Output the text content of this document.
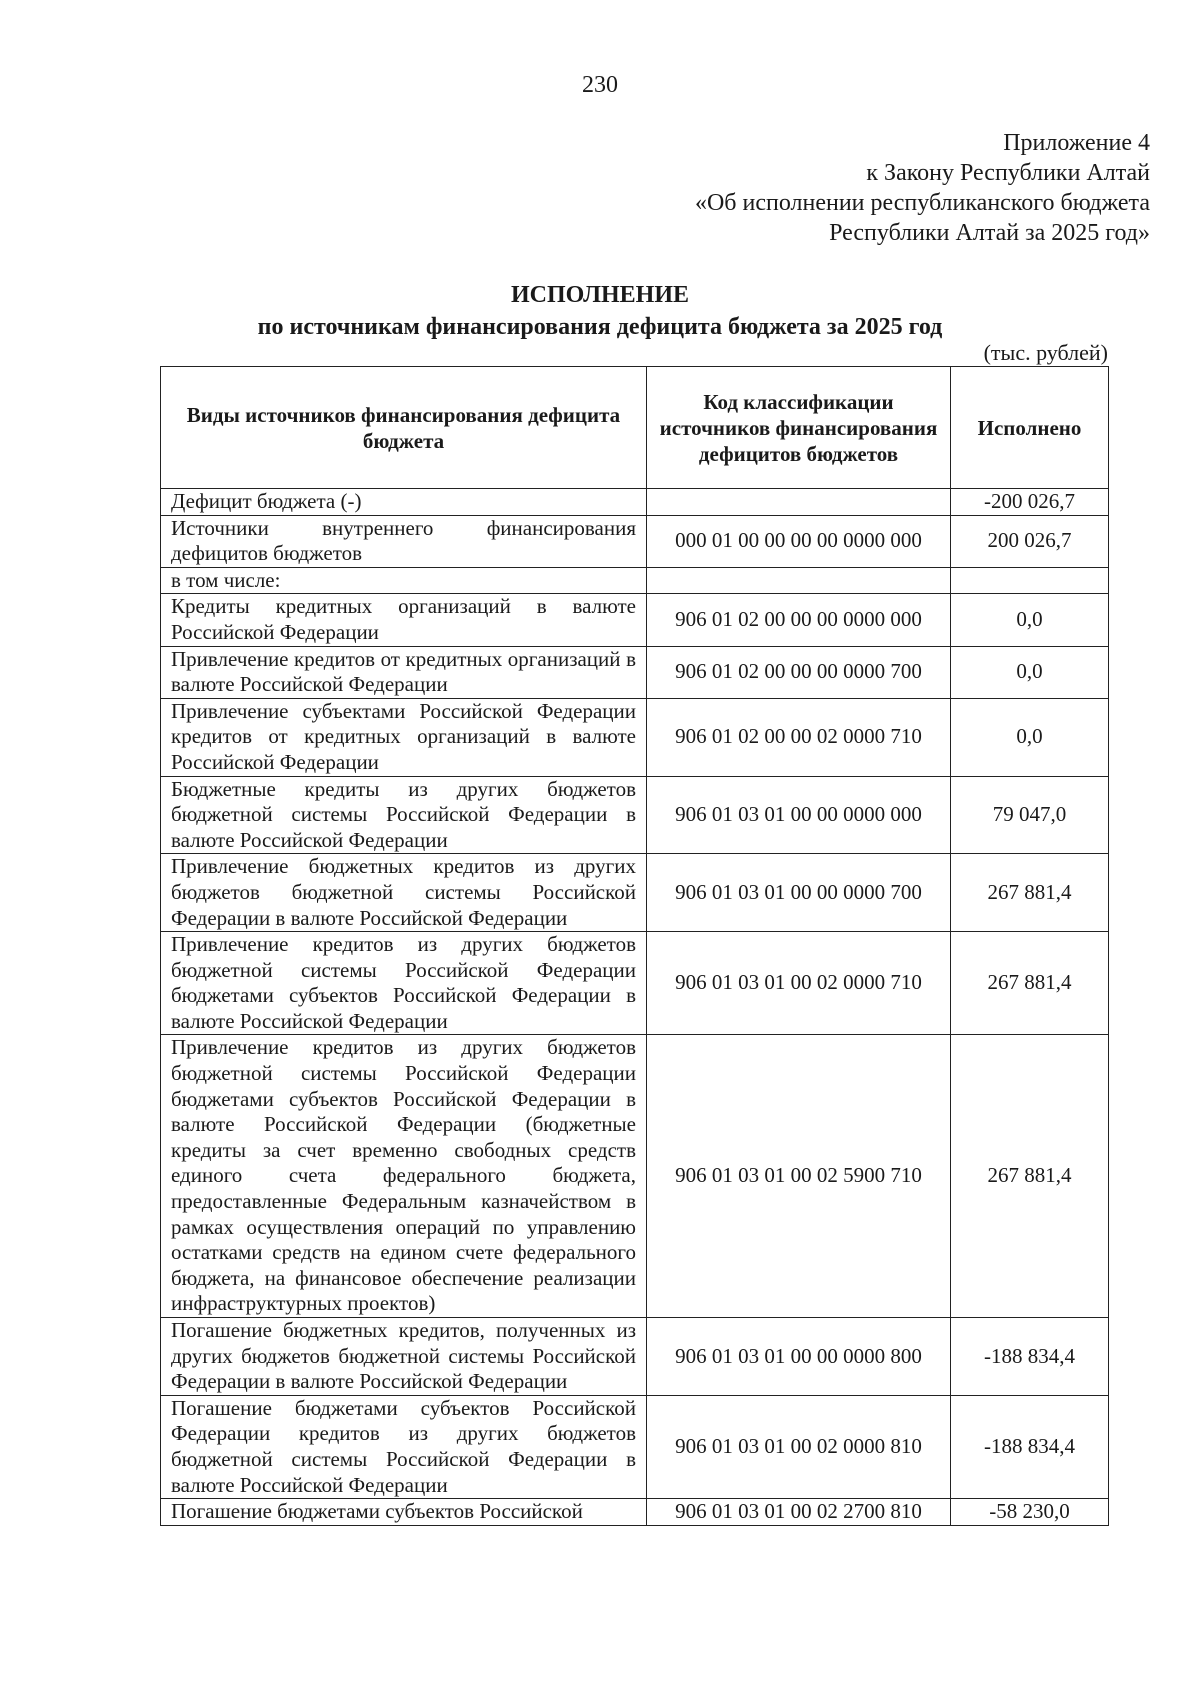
230
Приложение 4
к Закону Республики Алтай
«Об исполнении республиканского бюджета
Республики Алтай за 2025 год»
ИСПОЛНЕНИЕ
по источникам финансирования дефицита бюджета за 2025 год
(тыс. рублей)
Виды источников финансирования дефицита бюджета	Код классификации источников финансирования дефицитов бюджетов	Исполнено
Дефицит бюджета (-)		-200 026,7
Источники внутреннего финансирования дефицитов бюджетов	000 01 00 00 00 00 0000 000	200 026,7
в том числе:		
Кредиты кредитных организаций в валюте Российской Федерации	906 01 02 00 00 00 0000 000	0,0
Привлечение кредитов от кредитных организаций в валюте Российской Федерации	906 01 02 00 00 00 0000 700	0,0
Привлечение субъектами Российской Федерации кредитов от кредитных организаций в валюте Российской Федерации	906 01 02 00 00 02 0000 710	0,0
Бюджетные кредиты из других бюджетов бюджетной системы Российской Федерации в валюте Российской Федерации	906 01 03 01 00 00 0000 000	79 047,0
Привлечение бюджетных кредитов из других бюджетов бюджетной системы Российской Федерации в валюте Российской Федерации	906 01 03 01 00 00 0000 700	267 881,4
Привлечение кредитов из других бюджетов бюджетной системы Российской Федерации бюджетами субъектов Российской Федерации в валюте Российской Федерации	906 01 03 01 00 02 0000 710	267 881,4
Привлечение кредитов из других бюджетов бюджетной системы Российской Федерации бюджетами субъектов Российской Федерации в валюте Российской Федерации (бюджетные кредиты за счет временно свободных средств единого счета федерального бюджета, предоставленные Федеральным казначейством в рамках осуществления операций по управлению остатками средств на едином счете федерального бюджета, на финансовое обеспечение реализации инфраструктурных проектов)	906 01 03 01 00 02 5900 710	267 881,4
Погашение бюджетных кредитов, полученных из других бюджетов бюджетной системы Российской Федерации в валюте Российской Федерации	906 01 03 01 00 00 0000 800	-188 834,4
Погашение бюджетами субъектов Российской Федерации кредитов из других бюджетов бюджетной системы Российской Федерации в валюте Российской Федерации	906 01 03 01 00 02 0000 810	-188 834,4
Погашение бюджетами субъектов Российской	906 01 03 01 00 02 2700 810	-58 230,0
